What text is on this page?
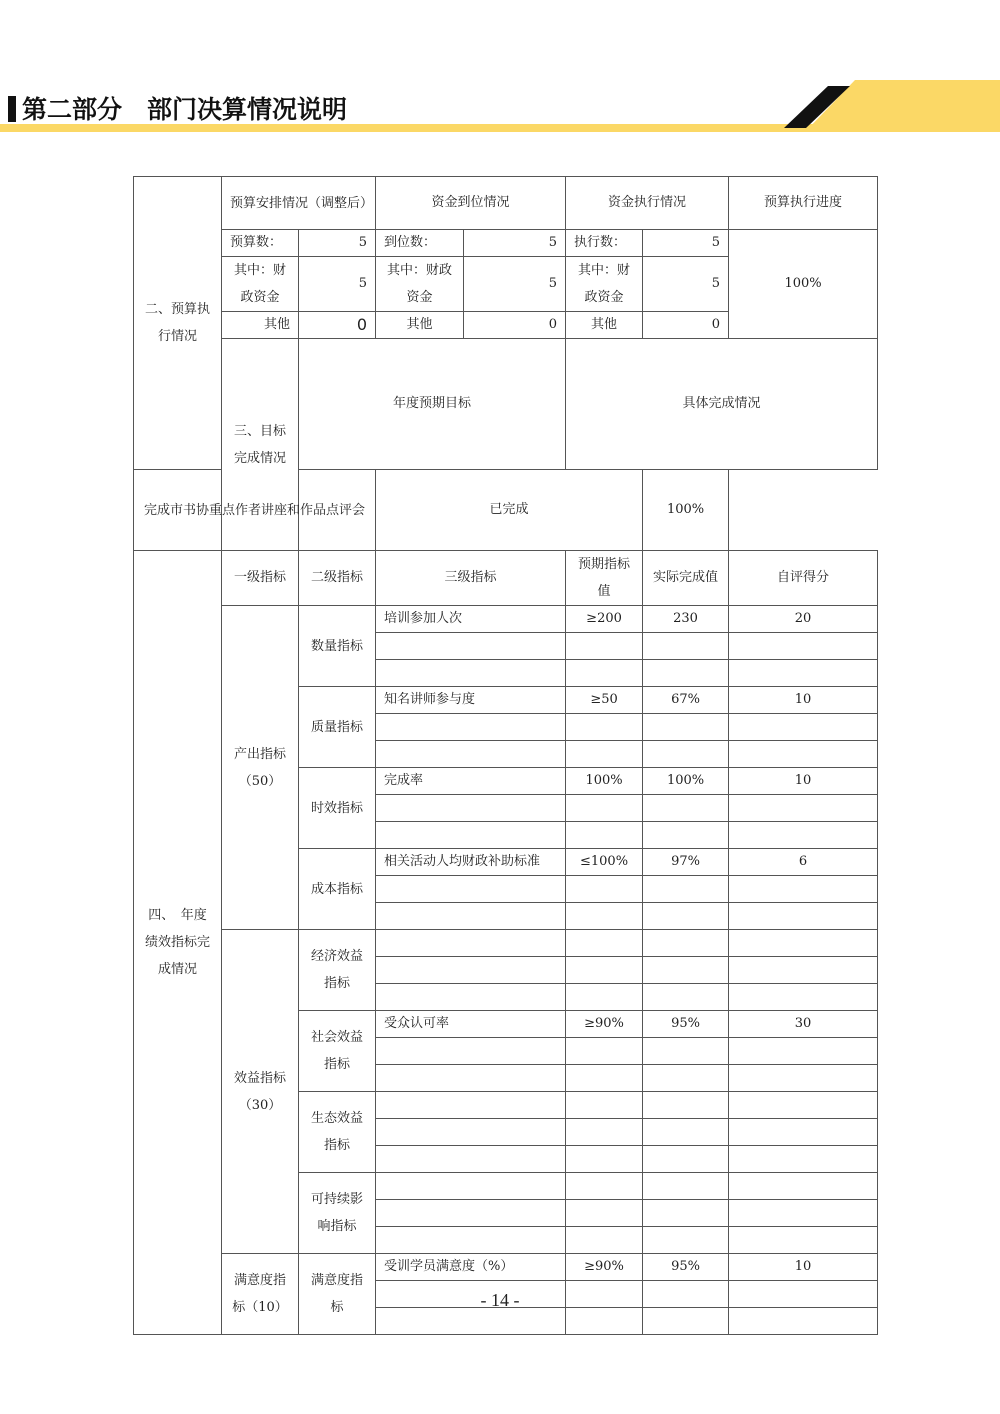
第二部分　部门决算情况说明
二、预算执行情况	预算安排情况（调整后）		资金到位情况		资金执行情况		预算执行进度	
	预算数：	5	到位数：	5	执行数：	5	100%	
	其中：财政资金	5	其中：财政资金	5	其中：财政资金	5		
	其他	0	其他	0	其他	0		
	三、目标完成情况	年度预期目标			具体完成情况	
完成市书协重点作者讲座和作品点评会			已完成			100%		
四、　年度绩效指标完成情况	一级指标	二级指标	三级指标		预期指标值	实际完成值	自评得分	
	产出指标（50）	数量指标	培训参加人次		≥200	230	20	

		质量指标	知名讲师参与度		≥50	67%	10	

		时效指标	完成率		100%	100%	10	

		成本指标	相关活动人均财政补助标准		≤100%	97%	6	

	效益指标（30）	经济效益指标						

		社会效益指标	受众认可率		≥90%	95%	30	

		生态效益指标						

		可持续影响指标						

	满意度指标（10）	满意度指标	受训学员满意度（%）		≥90%	95%	10	

- 14 -
